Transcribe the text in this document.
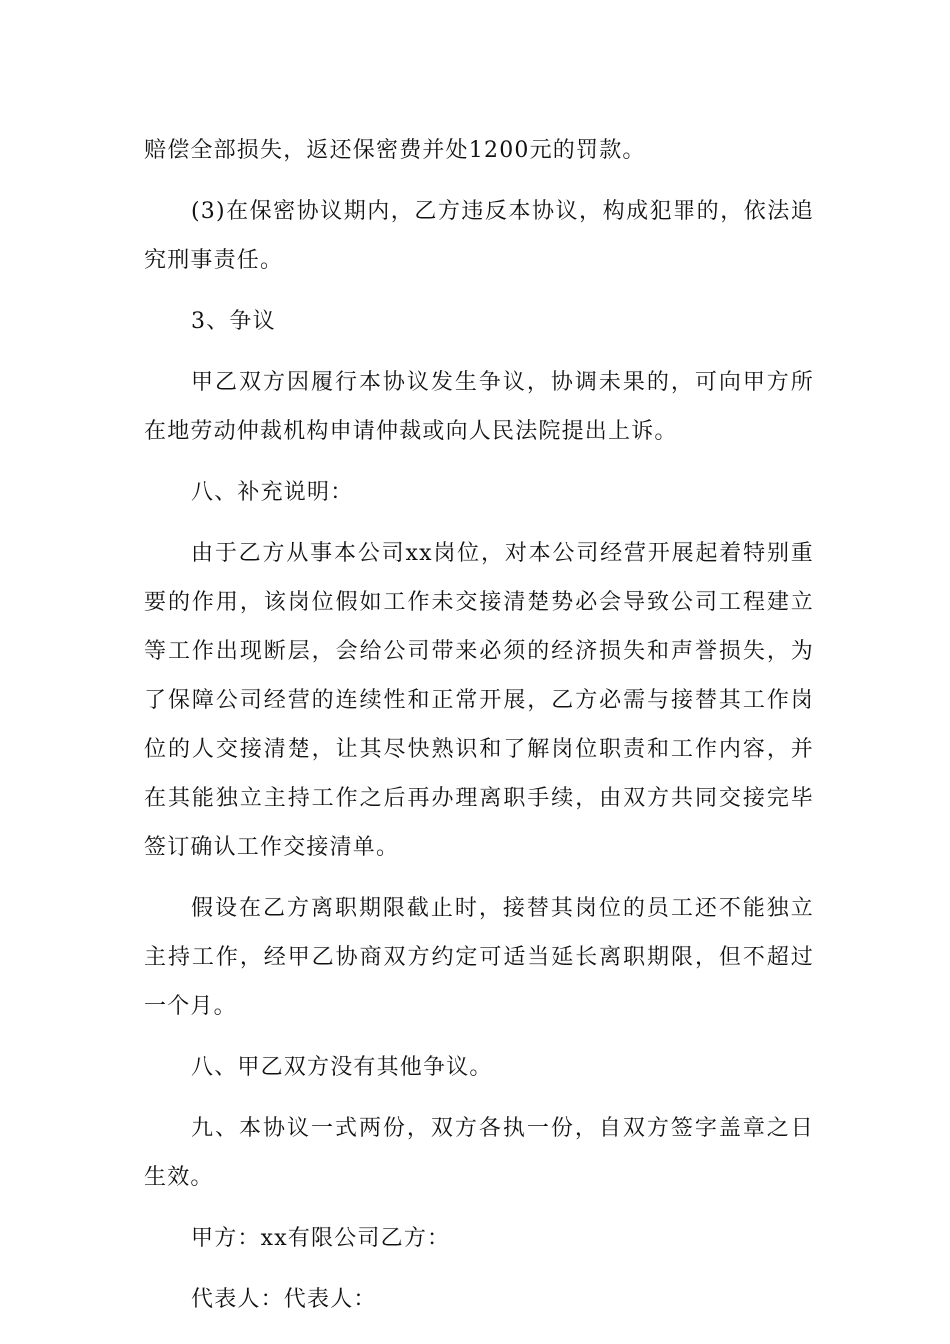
赔偿全部损失，返还保密费并处1200元的罚款。

(3)在保密协议期内，乙方违反本协议，构成犯罪的，依法追究刑事责任。

3、争议

甲乙双方因履行本协议发生争议，协调未果的，可向甲方所在地劳动仲裁机构申请仲裁或向人民法院提出上诉。

八、补充说明：

由于乙方从事本公司xx岗位，对本公司经营开展起着特别重要的作用，该岗位假如工作未交接清楚势必会导致公司工程建立等工作出现断层，会给公司带来必须的经济损失和声誉损失，为了保障公司经营的连续性和正常开展，乙方必需与接替其工作岗位的人交接清楚，让其尽快熟识和了解岗位职责和工作内容，并在其能独立主持工作之后再办理离职手续，由双方共同交接完毕签订确认工作交接清单。

假设在乙方离职期限截止时，接替其岗位的员工还不能独立主持工作，经甲乙协商双方约定可适当延长离职期限，但不超过一个月。

八、甲乙双方没有其他争议。

九、本协议一式两份，双方各执一份，自双方签字盖章之日生效。

甲方：xx有限公司乙方：

代表人：代表人：
